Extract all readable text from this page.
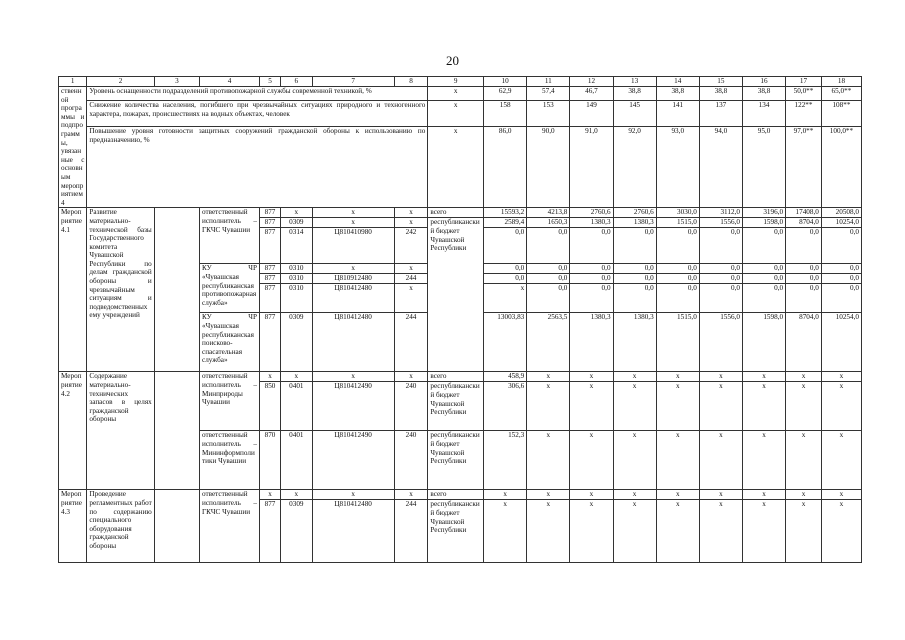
20
1	2	3	4	5	6	7	8	9	10	11	12	13	14	15	16	17	18
ственной программы и подпрограммы, увязанные с основным мероприятием 4	Уровень оснащенности подразделений противопожарной службы современной техникой, %							x	62,9	57,4	46,7	38,8	38,8	38,8	38,8	50,0**	65,0**
	Снижение количества населения, погибшего при чрезвычайных ситуациях природного и техногенного характера, пожарах, происшествиях на водных объектах, человек							x	158	153	149	145	141	137	134	122**	108**
	Повышение уровня готовности защитных сооружений гражданской обороны к использованию по предназначению, %							x	86,0	90,0	91,0	92,0	93,0	94,0	95,0	97,0**	100,0**
Мероприятие 4.1	Развитие материально-технической базы Государственного комитета Чувашской Республики по делам гражданской обороны и чрезвычайным ситуациям и подведомственных ему учреждений		ответственный исполнитель – ГКЧС Чувашии	877	x	x	x	всего	15593,2	4213,8	2760,6	2760,6	3030,0	3112,0	3196,0	17408,0	20508,0
				877	0309	x	x	республиканский бюджет Чувашской Республики	2589,4	1650,3	1380,3	1380,3	1515,0	1556,0	1598,0	8704,0	10254,0
				877	0314	Ц810410980	242		0,0	0,0	0,0	0,0	0,0	0,0	0,0	0,0	0,0
			КУ ЧР «Чувашская республиканская противопожарная служба»	877	0310	x	x		0,0	0,0	0,0	0,0	0,0	0,0	0,0	0,0	0,0
				877	0310	Ц810912480	244		0,0	0,0	0,0	0,0	0,0	0,0	0,0	0,0	0,0
				877	0310	Ц810412480	x		x	0,0	0,0	0,0	0,0	0,0	0,0	0,0	0,0
			КУ ЧР «Чувашская республиканская поисково-спасательная служба»	877	0309	Ц810412480	244		13003,83	2563,5	1380,3	1380,3	1515,0	1556,0	1598,0	8704,0	10254,0
Мероприятие 4.2	Содержание материально-технических запасов в целях гражданской обороны		ответственный исполнитель – Минприроды Чувашии	x	x	x	x	всего	458,9	x	x	x	x	x	x	x	x
				850	0401	Ц810412490	240	республиканский бюджет Чувашской Республики	306,6	x	x	x	x	x	x	x	x
			ответственный исполнитель – Мининформполитики Чувашии	870	0401	Ц810412490	240	республиканский бюджет Чувашской Республики	152,3	x	x	x	x	x	x	x	x
Мероприятие 4.3	Проведение регламентных работ по содержанию специального оборудования гражданской обороны		ответственный исполнитель – ГКЧС Чувашии	x	x	x	x	всего	x	x	x	x	x	x	x	x	x
				877	0309	Ц810412480	244	республиканский бюджет Чувашской Республики	x	x	x	x	x	x	x	x	x
